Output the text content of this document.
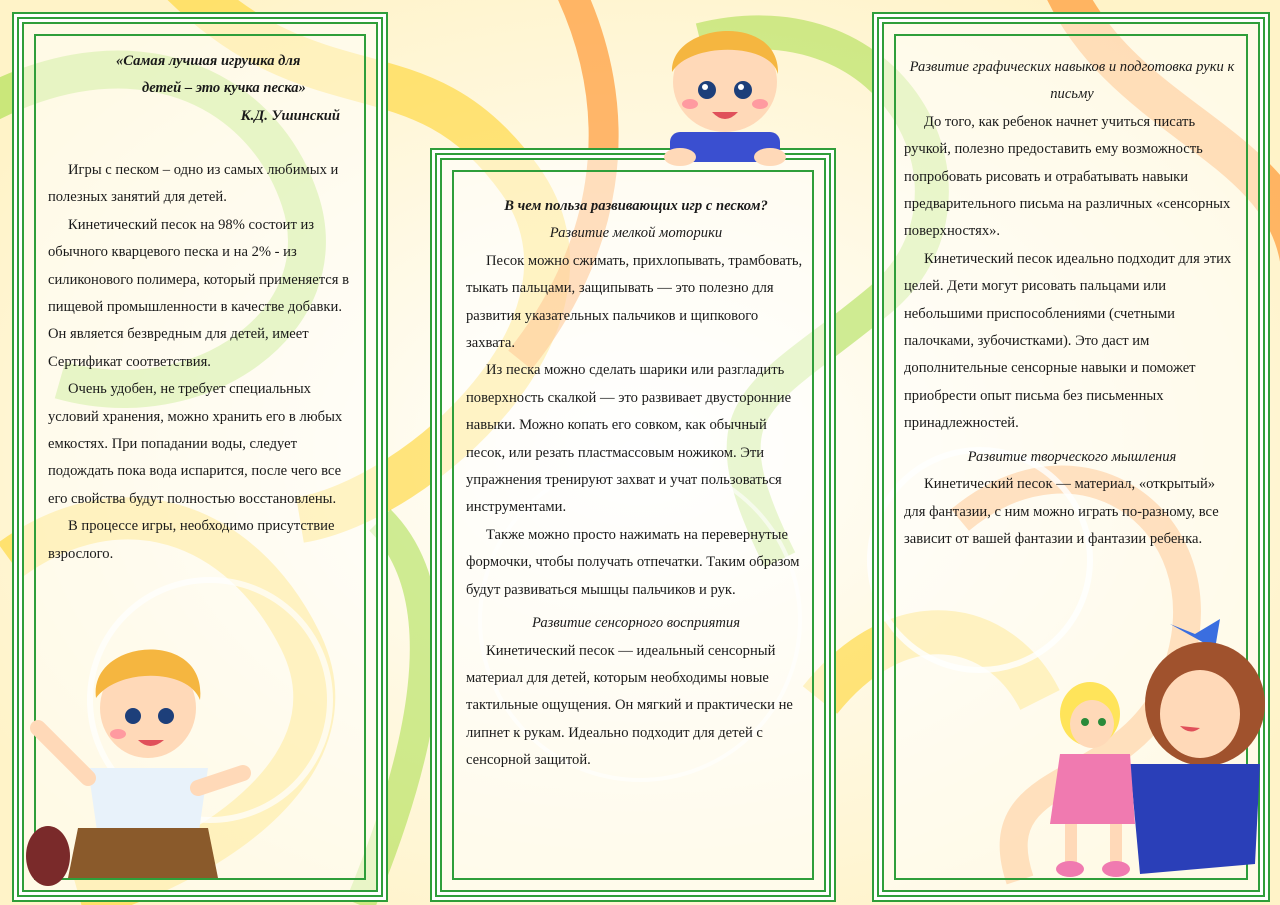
«Самая лучшая игрушка для
детей – это кучка песка»
К.Д. Ушинский

Игры с песком – одно из самых любимых и полезных занятий для детей.

Кинетический песок на 98% состоит из обычного кварцевого песка и на 2% - из силиконового полимера, который применяется в пищевой промышленности в качестве добавки. Он является безвредным для детей, имеет Сертификат соответствия.

Очень удобен, не требует специальных условий хранения, можно хранить его в любых емкостях. При попадании воды, следует подождать пока вода испарится, после чего все его свойства будут полностью восстановлены.

В процессе игры, необходимо присутствие взрослого.

В чем польза развивающих игр с песком?

Развитие мелкой моторики

Песок можно сжимать, прихлопывать, трамбовать, тыкать пальцами, защипывать — это полезно для развития указательных пальчиков и щипкового захвата.

Из песка можно сделать шарики или разгладить поверхность скалкой — это развивает двусторонние навыки. Можно копать его совком, как обычный песок, или резать пластмассовым ножиком. Эти упражнения тренируют захват и учат пользоваться инструментами.

Также можно просто нажимать на перевернутые формочки, чтобы получать отпечатки. Таким образом будут развиваться мышцы пальчиков и рук.

Развитие сенсорного восприятия

Кинетический песок — идеальный сенсорный материал для детей, которым необходимы новые тактильные ощущения. Он мягкий и практически не липнет к рукам. Идеально подходит для детей с сенсорной защитой.

Развитие графических навыков и подготовка руки к письму

До того, как ребенок начнет учиться писать ручкой, полезно предоставить ему возможность попробовать рисовать и отрабатывать навыки предварительного письма на различных «сенсорных поверхностях».

Кинетический песок идеально подходит для этих целей. Дети могут рисовать пальцами или небольшими приспособлениями (счетными палочками, зубочистками). Это даст им дополнительные сенсорные навыки и поможет приобрести опыт письма без письменных принадлежностей.

Развитие творческого мышления

Кинетический песок — материал, «открытый» для фантазии, с ним можно играть по-разному, все зависит от вашей фантазии и фантазии ребенка.
